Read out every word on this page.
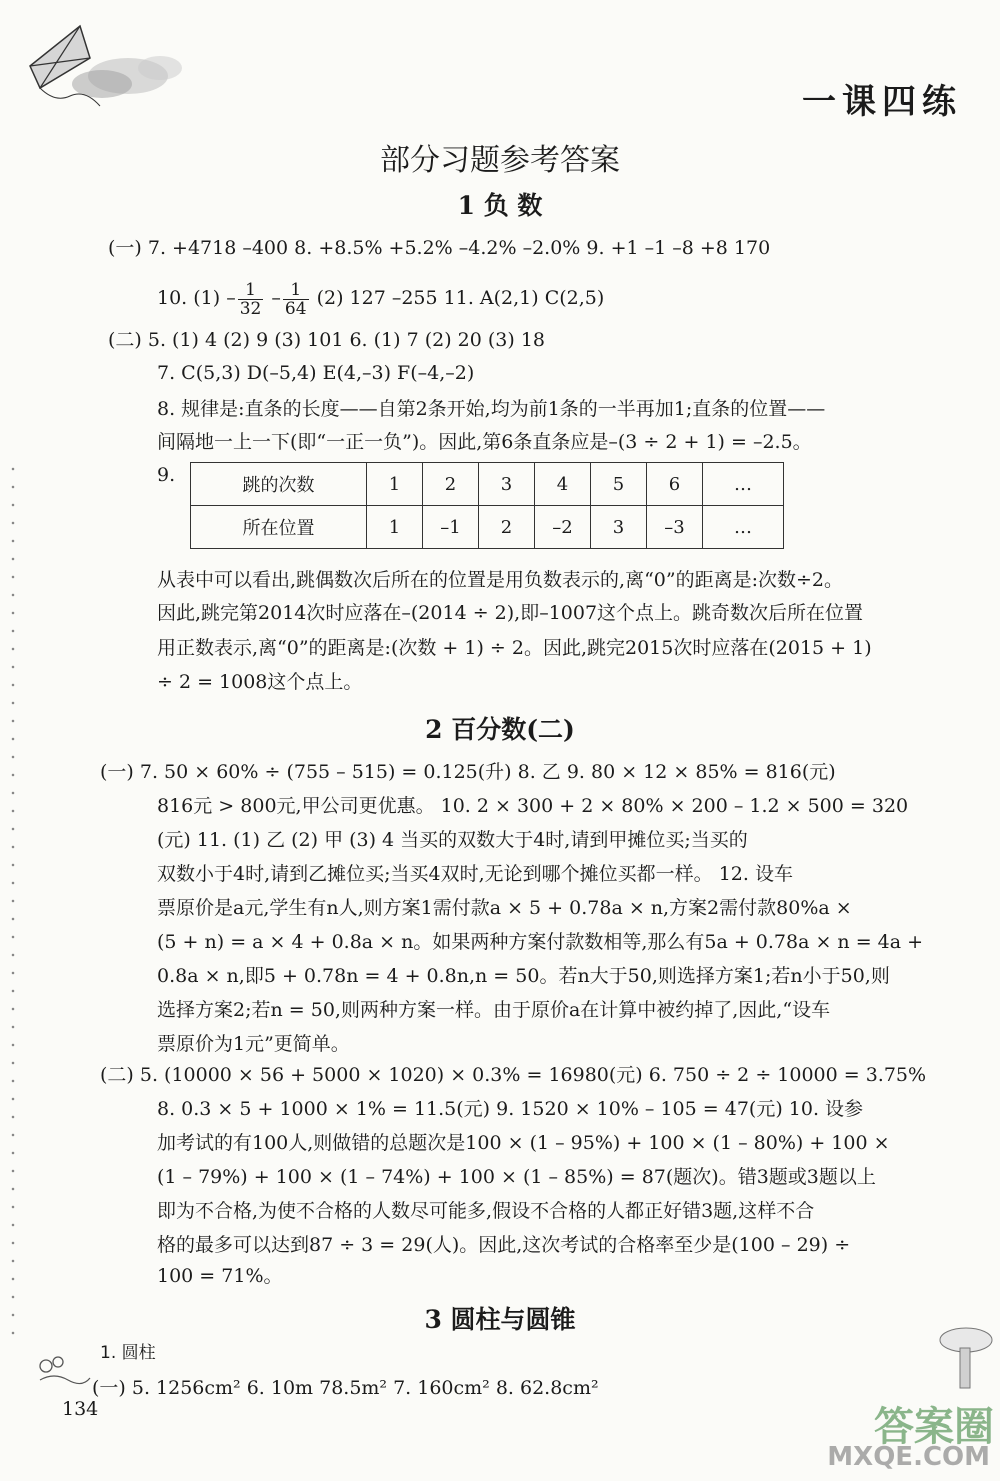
一课四练
部分习题参考答案
1 负 数
(一) 7. +4718 –400 8. +8.5% +5.2% –4.2% –2.0% 9. +1 –1 –8 +8 170
10. $(1) - \frac{1}{32} - \frac{1}{64} (2)$ 127 –255 11. A(2,1) C(2,5)
(二) 5. (1) 4 (2) 9 (3) 101 6. (1) 7 (2) 20 (3) 18
7. C(5,3) D(–5,4) E(4,–3) F(–4,–2)
8. 规律是:直条的长度——自第2条开始,均为前1条的一半再加1;直条的位置——
间隔地一上一下(即“一正一负”)。因此,第6条直条应是–(3 ÷ 2 + 1) = –2.5。
9.	跳的次数	1	2	3	4	5	6	…
所在位置	1	–1	2	–2	3	–3	…
从表中可以看出,跳偶数次后所在的位置是用负数表示的,离“0”的距离是:次数÷2。
因此,跳完第2014次时应落在–(2014 ÷ 2),即–1007这个点上。跳奇数次后所在位置
用正数表示,离“0”的距离是:(次数 + 1) ÷ 2。因此,跳完2015次时应落在(2015 + 1)
÷ 2 = 1008这个点上。
2 百分数(二)
(一) 7. 50 × 60% ÷ (755 – 515) = 0.125(升) 8. 乙 9. 80 × 12 × 85% = 816(元)
816元 > 800元,甲公司更优惠。 10. 2 × 300 + 2 × 80% × 200 – 1.2 × 500 = 320
(元) 11. (1) 乙 (2) 甲 (3) 4 当买的双数大于4时,请到甲摊位买;当买的
双数小于4时,请到乙摊位买;当买4双时,无论到哪个摊位买都一样。 12. 设车
票原价是a元,学生有n人,则方案1需付款a × 5 + 0.78a × n,方案2需付款80%a ×
(5 + n) = a × 4 + 0.8a × n。如果两种方案付款数相等,那么有5a + 0.78a × n = 4a +
0.8a × n,即5 + 0.78n = 4 + 0.8n,n = 50。若n大于50,则选择方案1;若n小于50,则
选择方案2;若n = 50,则两种方案一样。由于原价a在计算中被约掉了,因此,“设车
票原价为1元”更简单。
(二) 5. (10000 × 56 + 5000 × 1020) × 0.3% = 16980(元) 6. 750 ÷ 2 ÷ 10000 = 3.75%
8. 0.3 × 5 + 1000 × 1% = 11.5(元) 9. 1520 × 10% – 105 = 47(元) 10. 设参
加考试的有100人,则做错的总题次是100 × (1 – 95%) + 100 × (1 – 80%) + 100 ×
(1 – 79%) + 100 × (1 – 74%) + 100 × (1 – 85%) = 87(题次)。错3题或3题以上
即为不合格,为使不合格的人数尽可能多,假设不合格的人都正好错3题,这样不合
格的最多可以达到87 ÷ 3 = 29(人)。因此,这次考试的合格率至少是(100 – 29) ÷
100 = 71%。
3 圆柱与圆锥
1. 圆柱
(一) 5. 1256cm² 6. 10m 78.5m² 7. 160cm² 8. 62.8cm²
134	答案圈
MXQE.COM
